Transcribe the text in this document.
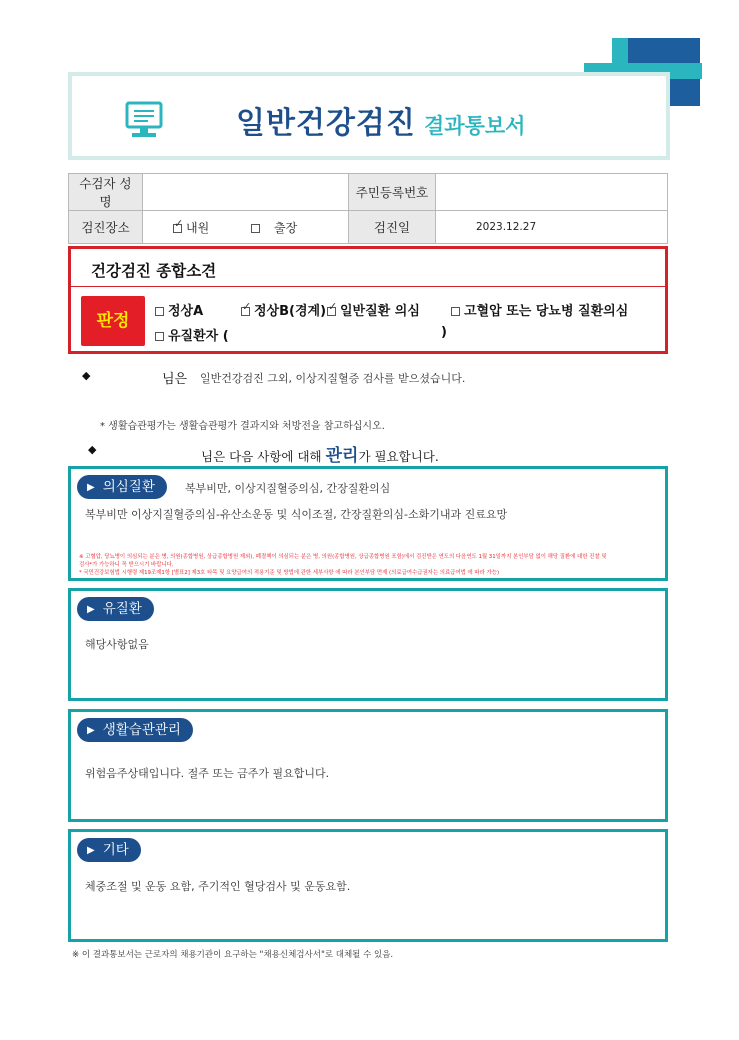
일반건강검진 결과통보서
수검자 성명		주민등록번호	
검진장소	✓내원 출장	검진일	2023.12.27
건강검진 종합소견
판정	정상A ✓	정상B(경계) ✓	일반질환 의심	고혈압 또는 당뇨병 질환의심
유질환자 (	)
◆	님은 일반건강검진 그외, 이상지질혈증 검사를 받으셨습니다.
* 생활습관평가는 생활습관평가 결과지와 처방전을 참고하십시오.
◆	님은 다음 사항에 대해 관리가 필요합니다.
▶ 의심질환	복부비만, 이상지질혈증의심, 간장질환의심
복부비만 이상지질혈증의심-유산소운동 및 식이조절, 간장질환의심-소화기내과 진료요망
※ 고혈압, 당뇨병이 의심되는 분은 병, 의원(종합병원, 상급종합병원 제외), 폐결핵이 의심되는 분은 병, 의원(종합병원, 상급종합병원 포함)에서 검진받은 연도의 다음연도 1월 31일까지 본인부담 없이 해당 질환에 대한 진찰 및
검사*가 가능하니 꼭 받으시기 바랍니다.
* 국민건강보험법 시행령 제19조제1항 [별표2] 제3호 타목 및 요양급여의 적용기준 및 방법에 관한 세부사항 에 따라 본인부담 면제 (의료급여수급권자는 의료급여법 에 따라 가능)
▶ 유질환
해당사항없음
▶ 생활습관관리
위험음주상태입니다. 절주 또는 금주가 필요합니다.
▶ 기타
체중조절 및 운동 요함, 주기적인 혈당검사 및 운동요함.
※ 이 결과통보서는 근로자의 채용기관이 요구하는 "채용신체검사서"로 대체될 수 있음.
